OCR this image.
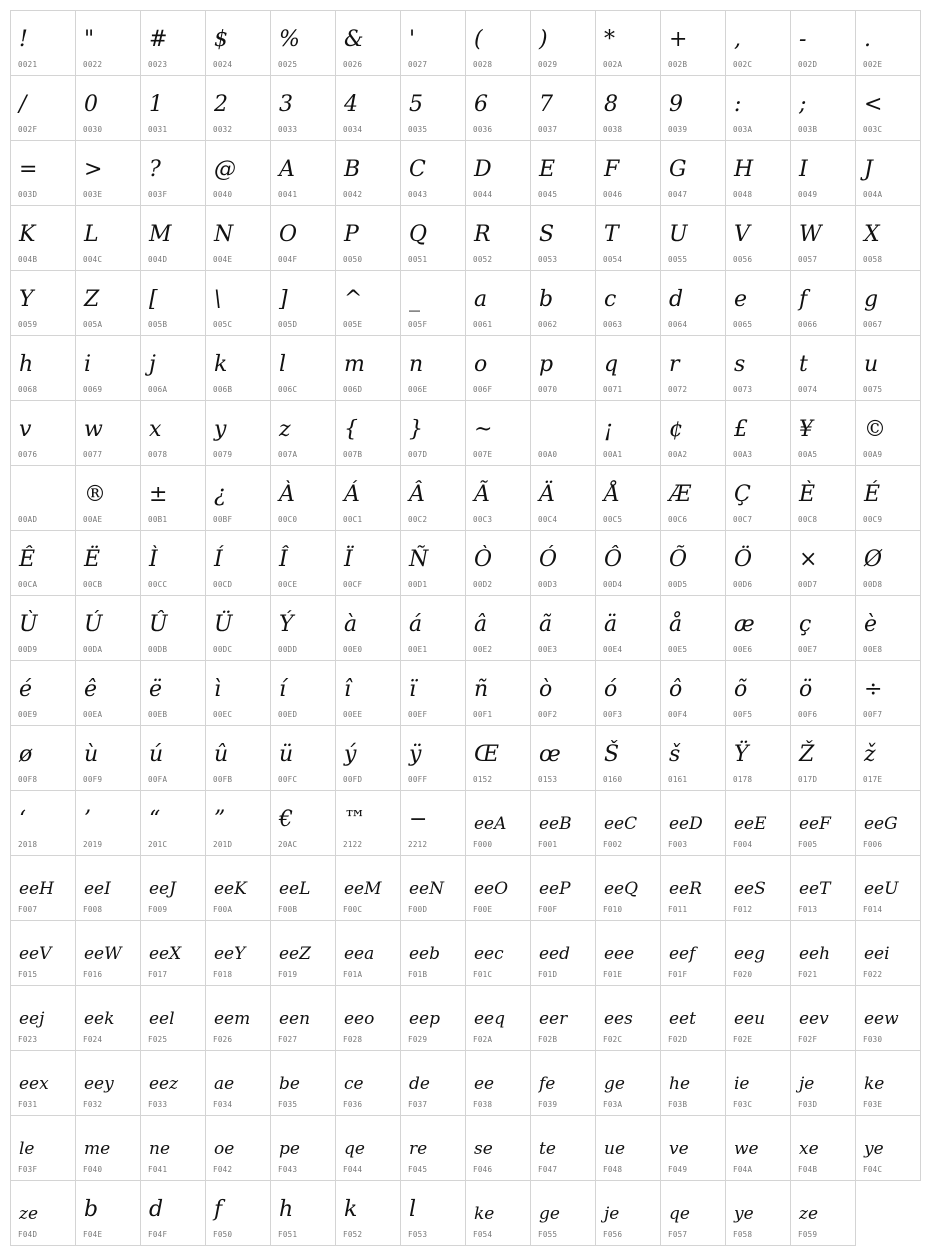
!
0021
"
0022
#
0023
$
0024
%
0025
&
0026
'
0027
(
0028
)
0029
*
002A
+
002B
,
002C
-
002D
.
002E
/
002F
0
0030
1
0031
2
0032
3
0033
4
0034
5
0035
6
0036
7
0037
8
0038
9
0039
:
003A
;
003B
<
003C
=
003D
>
003E
?
003F
@
0040
A
0041
B
0042
C
0043
D
0044
E
0045
F
0046
G
0047
H
0048
I
0049
J
004A
K
004B
L
004C
M
004D
N
004E
O
004F
P
0050
Q
0051
R
0052
S
0053
T
0054
U
0055
V
0056
W
0057
X
0058
Y
0059
Z
005A
[
005B
\
005C
]
005D
^
005E
_
005F
a
0061
b
0062
c
0063
d
0064
e
0065
f
0066
g
0067
h
0068
i
0069
j
006A
k
006B
l
006C
m
006D
n
006E
o
006F
p
0070
q
0071
r
0072
s
0073
t
0074
u
0075
v
0076
w
0077
x
0078
y
0079
z
007A
{
007B
}
007D
~
007E	00A0
¡
00A1
¢
00A2
£
00A3
¥
00A5
©
00A9
00AD
®
00AE
±
00B1
¿
00BF
À
00C0
Á
00C1
Â
00C2
Ã
00C3
Ä
00C4
Å
00C5
Æ
00C6
Ç
00C7
È
00C8
É
00C9
Ê
00CA
Ë
00CB
Ì
00CC
Í
00CD
Î
00CE
Ï
00CF
Ñ
00D1
Ò
00D2
Ó
00D3
Ô
00D4
Õ
00D5
Ö
00D6
×
00D7
Ø
00D8
Ù
00D9
Ú
00DA
Û
00DB
Ü
00DC
Ý
00DD
à
00E0
á
00E1
â
00E2
ã
00E3
ä
00E4
å
00E5
æ
00E6
ç
00E7
è
00E8
é
00E9
ê
00EA
ë
00EB
ì
00EC
í
00ED
î
00EE
ï
00EF
ñ
00F1
ò
00F2
ó
00F3
ô
00F4
õ
00F5
ö
00F6
÷
00F7
ø
00F8
ù
00F9
ú
00FA
û
00FB
ü
00FC
ý
00FD
ÿ
00FF
Œ
0152
œ
0153
Š
0160
š
0161
Ÿ
0178
Ž
017D
ž
017E
‘
2018
’
2019
“
201C
”
201D
€
20AC
™
2122
−
2212
eeA
F000
eeB
F001
eeC
F002
eeD
F003
eeE
F004
eeF
F005
eeG
F006
eeH
F007
eeI
F008
eeJ
F009
eeK
F00A
eeL
F00B
eeM
F00C
eeN
F00D
eeO
F00E
eeP
F00F
eeQ
F010
eeR
F011
eeS
F012
eeT
F013
eeU
F014
eeV
F015
eeW
F016
eeX
F017
eeY
F018
eeZ
F019
eea
F01A
eeb
F01B
eec
F01C
eed
F01D
eee
F01E
eef
F01F
eeg
F020
eeh
F021
eei
F022
eej
F023
eek
F024
eel
F025
eem
F026
een
F027
eeo
F028
eep
F029
eeq
F02A
eer
F02B
ees
F02C
eet
F02D
eeu
F02E
eev
F02F
eew
F030
eex
F031
eey
F032
eez
F033
ae
F034
be
F035
ce
F036
de
F037
ee
F038
fe
F039
ge
F03A
he
F03B
ie
F03C
je
F03D
ke
F03E
le
F03F
me
F040
ne
F041
oe
F042
pe
F043
qe
F044
re
F045
se
F046
te
F047
ue
F048
ve
F049
we
F04A
xe
F04B
ye
F04C
ze
F04D
b
F04E
d
F04F
f
F050
h
F051
k
F052
l
F053
ke
F054
ge
F055
je
F056
qe
F057
ye
F058
ze
F059
